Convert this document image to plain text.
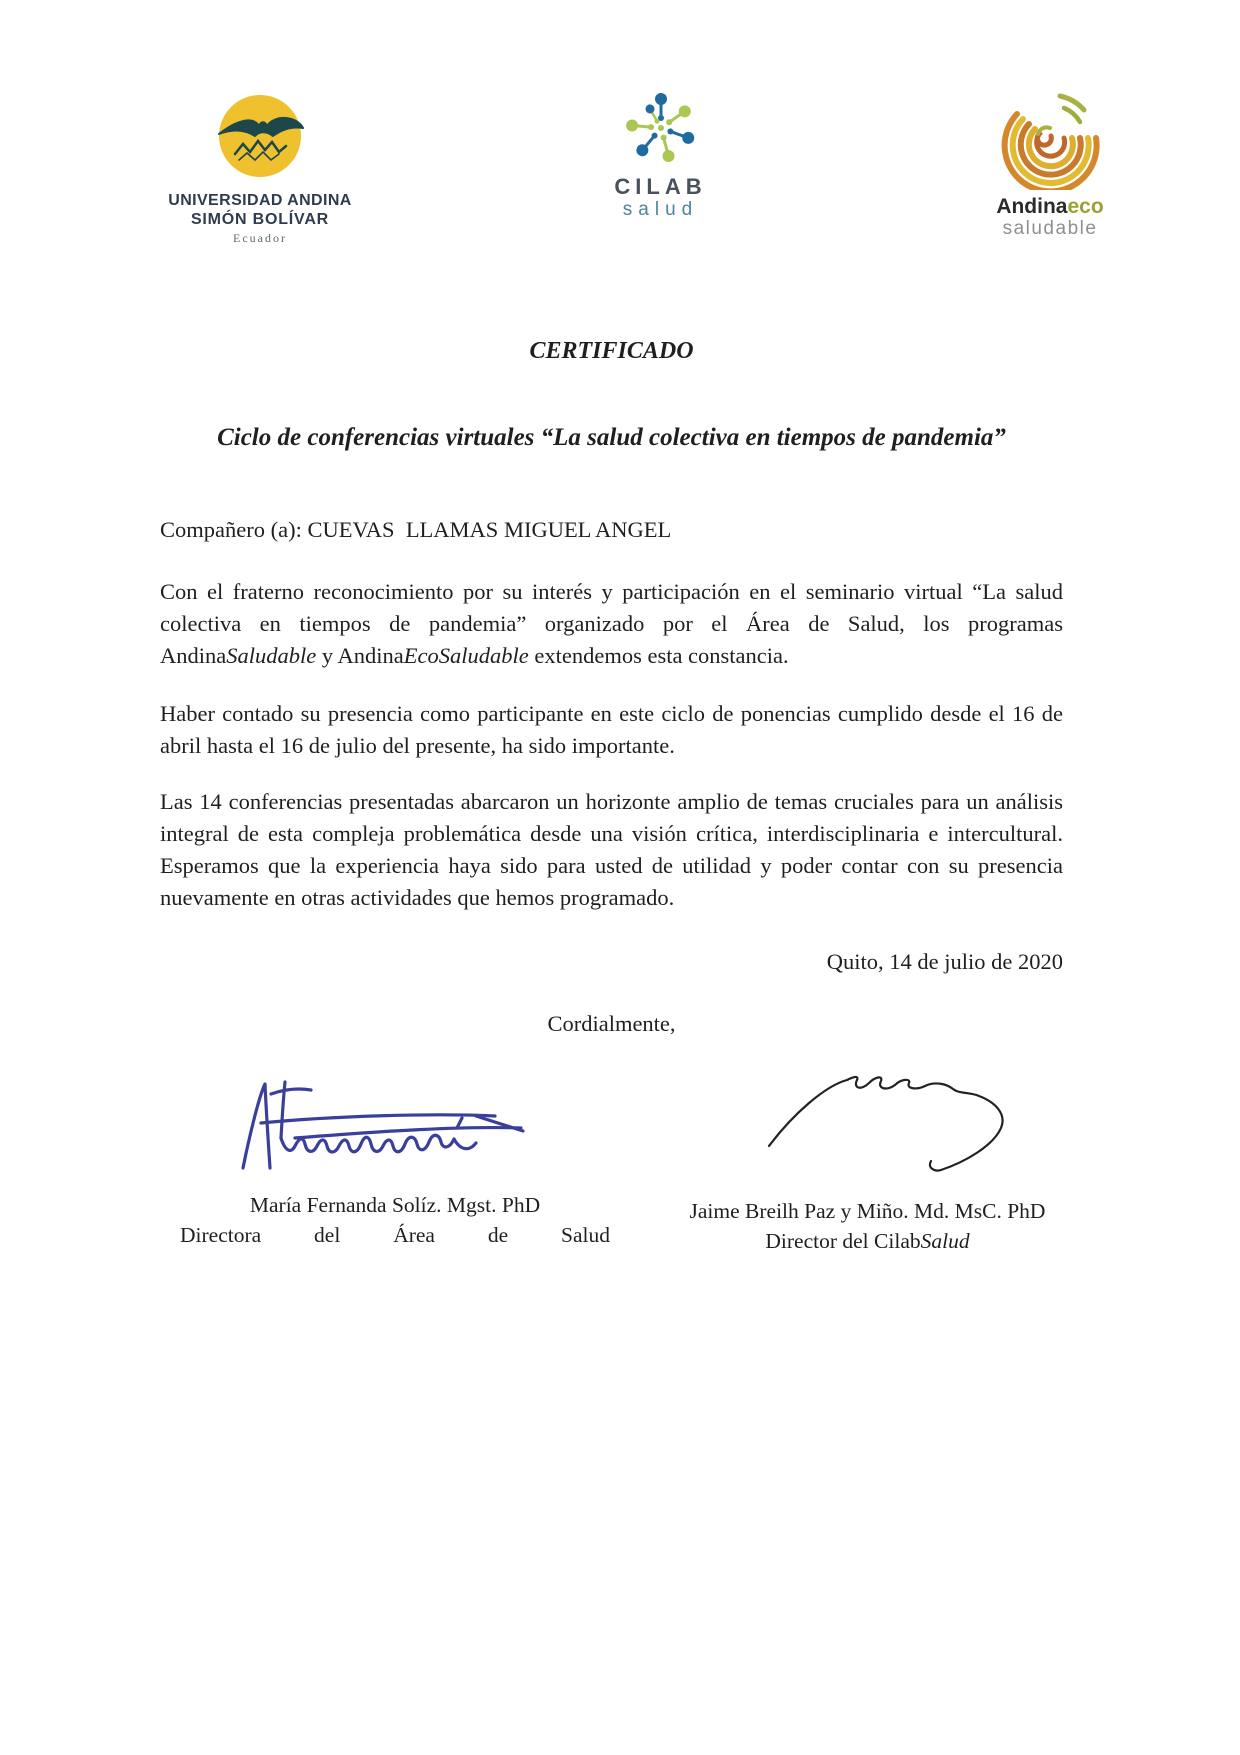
UNIVERSIDAD ANDINA
SIMÓN BOLÍVAR
Ecuador
CILAB
salud	Andinaeco
saludable
CERTIFICADO
Ciclo de conferencias virtuales “La salud colectiva en tiempos de pandemia”

Compañero (a): CUEVAS  LLAMAS MIGUEL ANGEL

Con el fraterno reconocimiento por su interés y participación en el seminario virtual “La salud colectiva en tiempos de pandemia” organizado por el Área de Salud, los programas AndinaSaludable y AndinaEcoSaludable extendemos esta constancia.

Haber contado su presencia como participante en este ciclo de ponencias cumplido desde el 16 de abril hasta el 16 de julio del presente, ha sido importante.

Las 14 conferencias presentadas abarcaron un horizonte amplio de temas cruciales para un análisis integral de esta compleja problemática desde una visión crítica, interdisciplinaria e intercultural. Esperamos que la experiencia haya sido para usted de utilidad y poder contar con su presencia nuevamente en otras actividades que hemos programado.

Quito, 14 de julio de 2020

Cordialmente,

María Fernanda Solíz. Mgst. PhD
Directora del Área de Salud
Jaime Breilh Paz y Miño. Md. MsC. PhD
Director del CilabSalud
